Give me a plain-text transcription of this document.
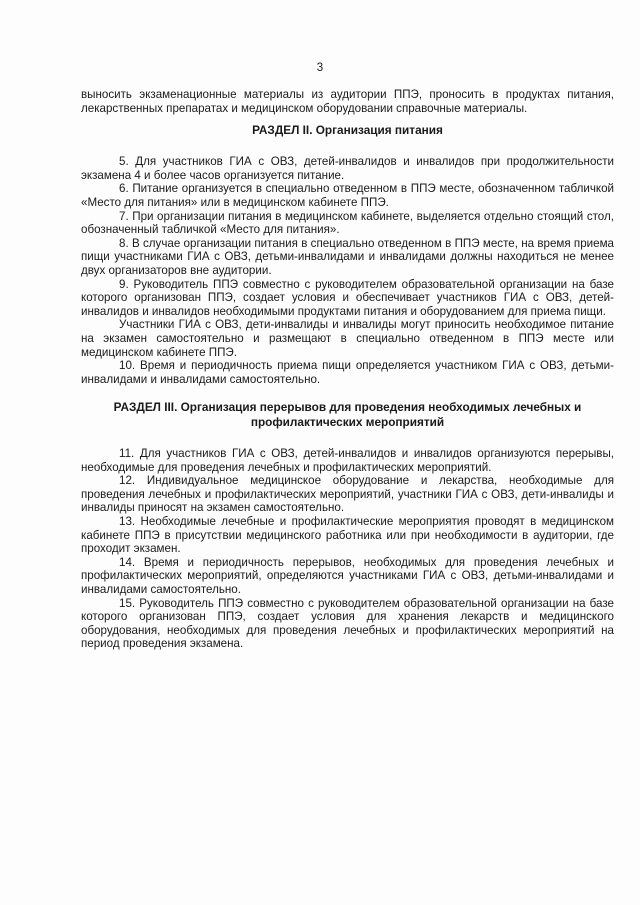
3

выносить экзаменационные материалы из аудитории ППЭ, проносить в продуктах питания, лекарственных препаратах и медицинском оборудовании справочные материалы.

РАЗДЕЛ II. Организация питания

5. Для участников ГИА с ОВЗ, детей-инвалидов и инвалидов при продолжительности экзамена 4 и более часов организуется питание.

6. Питание организуется в специально отведенном в ППЭ месте, обозначенном табличкой «Место для питания» или в медицинском кабинете ППЭ.

7. При организации питания в медицинском кабинете, выделяется отдельно стоящий стол, обозначенный табличкой «Место для питания».

8. В случае организации питания в специально отведенном в ППЭ месте, на время приема пищи участниками ГИА с ОВЗ, детьми-инвалидами и инвалидами должны находиться не менее двух организаторов вне аудитории.

9. Руководитель ППЭ совместно с руководителем образовательной организации на базе которого организован ППЭ, создает условия и обеспечивает участников ГИА с ОВЗ, детей-инвалидов и инвалидов необходимыми продуктами питания и оборудованием для приема пищи.

Участники ГИА с ОВЗ, дети-инвалиды и инвалиды могут приносить необходимое питание на экзамен самостоятельно и размещают в специально отведенном в ППЭ месте или медицинском кабинете ППЭ.

10. Время и периодичность приема пищи определяется участником ГИА с ОВЗ, детьми-инвалидами и инвалидами самостоятельно.

РАЗДЕЛ III. Организация перерывов для проведения необходимых лечебных и профилактических мероприятий

11. Для участников ГИА с ОВЗ, детей-инвалидов и инвалидов организуются перерывы, необходимые для проведения лечебных и профилактических мероприятий.

12. Индивидуальное медицинское оборудование и лекарства, необходимые для проведения лечебных и профилактических мероприятий, участники ГИА с ОВЗ, дети-инвалиды и инвалиды приносят на экзамен самостоятельно.

13. Необходимые лечебные и профилактические мероприятия проводят в медицинском кабинете ППЭ в присутствии медицинского работника или при необходимости в аудитории, где проходит экзамен.

14. Время и периодичность перерывов, необходимых для проведения лечебных и профилактических мероприятий, определяются участниками ГИА с ОВЗ, детьми-инвалидами и инвалидами самостоятельно.

15. Руководитель ППЭ совместно с руководителем образовательной организации на базе которого организован ППЭ, создает условия для хранения лекарств и медицинского оборудования, необходимых для проведения лечебных и профилактических мероприятий на период проведения экзамена.
